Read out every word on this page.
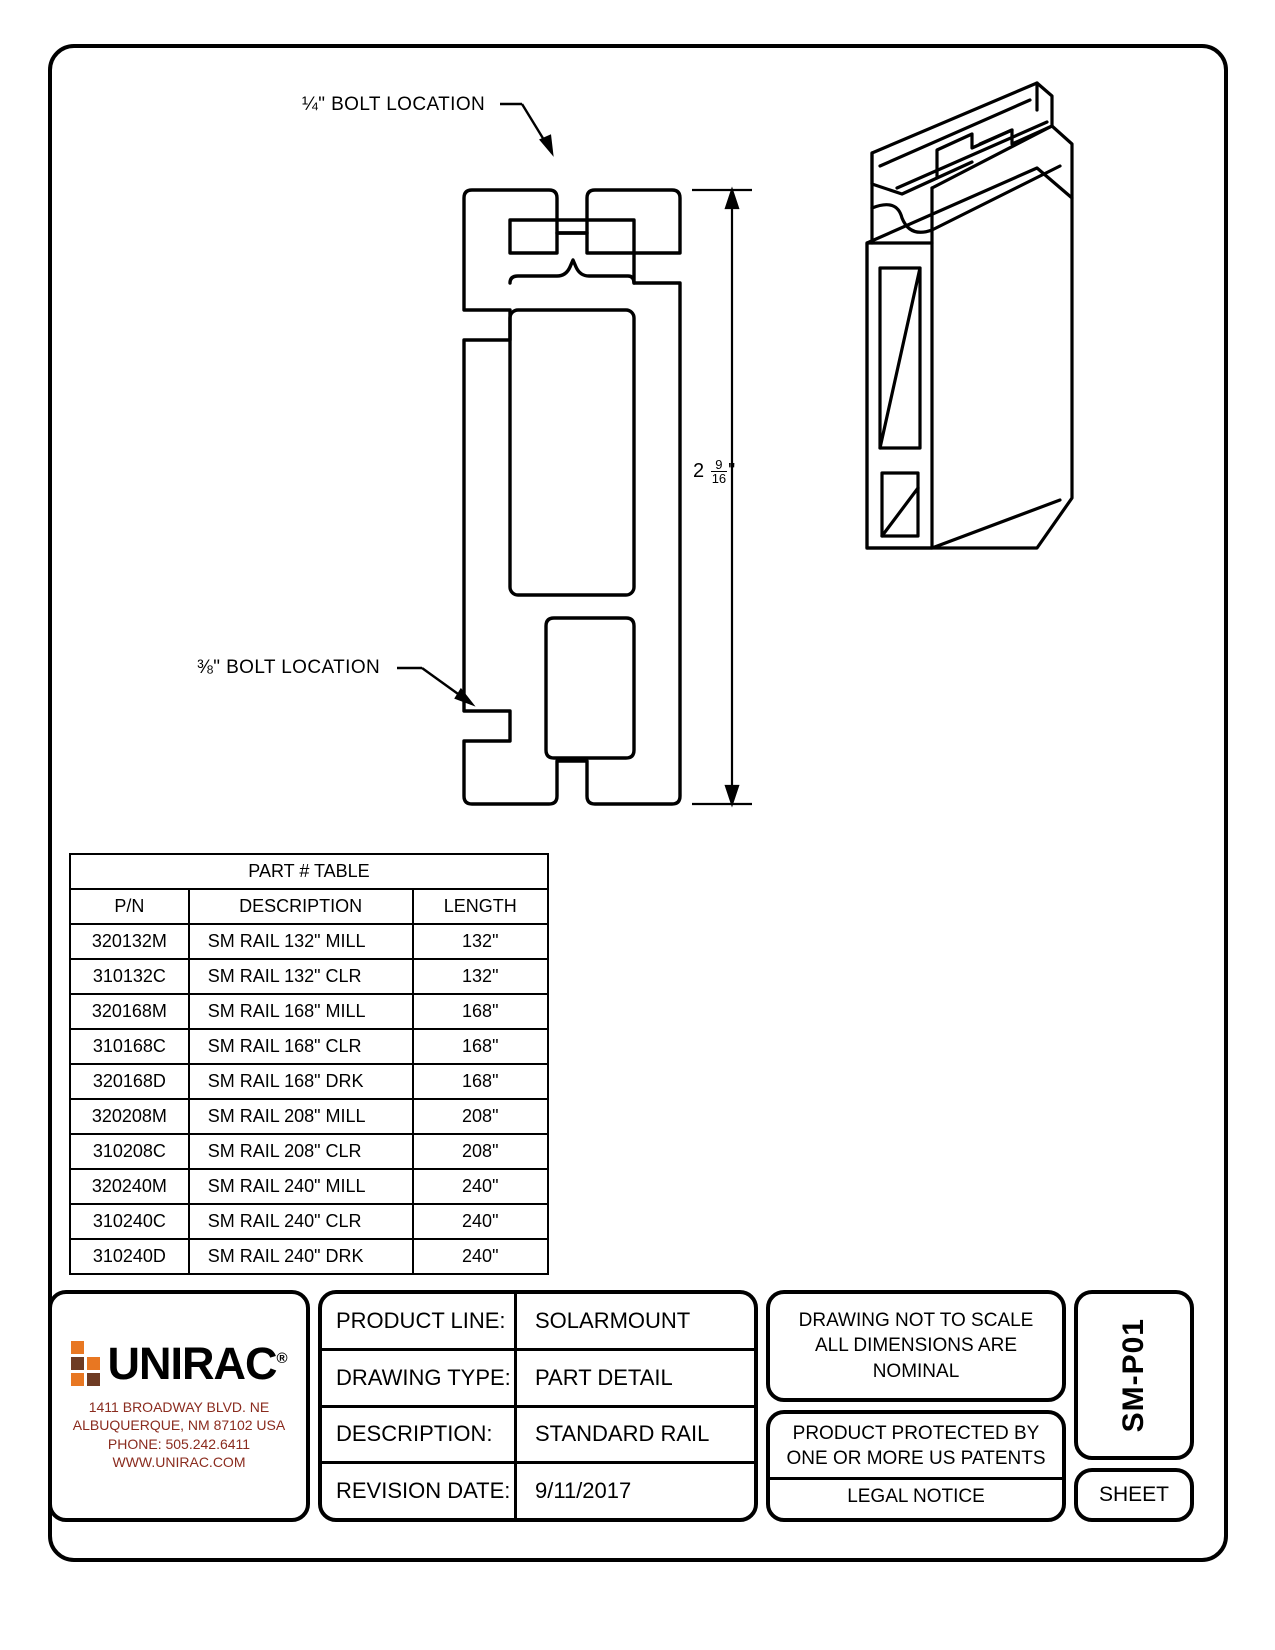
¼" BOLT LOCATION
⅜" BOLT LOCATION
$2 \frac{9}{16}$ "
PART # TABLE		
P/N	DESCRIPTION	LENGTH
320132M	SM RAIL 132" MILL	132"
310132C	SM RAIL 132" CLR	132"
320168M	SM RAIL 168" MILL	168"
310168C	SM RAIL 168" CLR	168"
320168D	SM RAIL 168" DRK	168"
320208M	SM RAIL 208" MILL	208"
310208C	SM RAIL 208" CLR	208"
320240M	SM RAIL 240" MILL	240"
310240C	SM RAIL 240" CLR	240"
310240D	SM RAIL 240" DRK	240"
UNIRAC®
1411 BROADWAY BLVD. NE
ALBUQUERQUE, NM 87102 USA
PHONE: 505.242.6411
WWW.UNIRAC.COM
PRODUCT LINE:	SOLARMOUNT
DRAWING TYPE:	PART DETAIL
DESCRIPTION:	STANDARD RAIL
REVISION DATE:	9/11/2017
DRAWING NOT TO SCALE
ALL DIMENSIONS ARE
NOMINAL
PRODUCT PROTECTED BY
ONE OR MORE US PATENTS
LEGAL NOTICE
SM-P01
SHEET
